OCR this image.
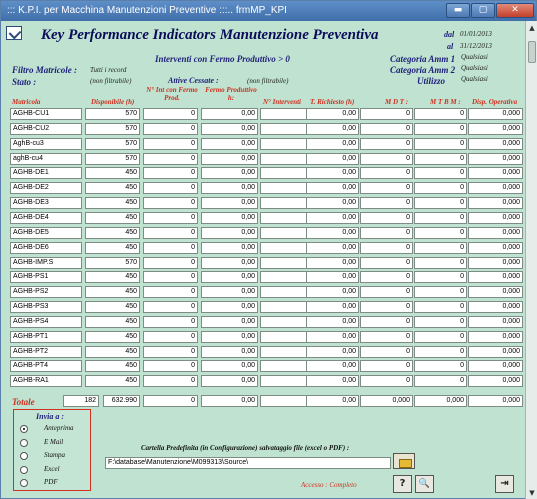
::: K.P.I. per Macchina Manutenzioni Preventive :::.. frmMP_KPI	▬	▢	✕
Key Performance Indicators Manutenzione Preventiva
Interventi con Fermo Produttivo > 0
dal 01/01/2013
al 31/12/2013
Filtro Matricole : Tutti i record
Stato :	(non filtrabile)	Attive Cessate :	(non filtrabile)
Categoria Amm 1 Qualsiasi
Categoria Amm 2 Qualsiasi
Utilizzo Qualsiasi
Matricola	Disponibile (h)
N° Int con Fermo Prod.
Fermo Produttivo h:	N° Interventi T. Richiesto (h)	M D T :	M T B M : Disp. Operativa
AGHB-CU1	570	0	0,00	0,00	0	0	0,000
AGHB-CU2	570	0	0,00	0,00	0	0	0,000
AghB-cu3	570	0	0,00	0,00	0	0	0,000
aghB-cu4	570	0	0,00	0,00	0	0	0,000
AGHB-DE1	450	0	0,00	0,00	0	0	0,000
AGHB-DE2	450	0	0,00	0,00	0	0	0,000
AGHB-DE3	450	0	0,00	0,00	0	0	0,000
AGHB-DE4	450	0	0,00	0,00	0	0	0,000
AGHB-DE5	450	0	0,00	0,00	0	0	0,000
AGHB-DE6	450	0	0,00	0,00	0	0	0,000
AGHB-IMP.S	570	0	0,00	0,00	0	0	0,000
AGHB-PS1	450	0	0,00	0,00	0	0	0,000
AGHB-PS2	450	0	0,00	0,00	0	0	0,000
AGHB-PS3	450	0	0,00	0,00	0	0	0,000
AGHB-PS4	450	0	0,00	0,00	0	0	0,000
AGHB-PT1	450	0	0,00	0,00	0	0	0,000
AGHB-PT2	450	0	0,00	0,00	0	0	0,000
AGHB-PT4	450	0	0,00	0,00	0	0	0,000
AGHB-RA1	450	0	0,00	0,00	0	0	0,000
▲
▼
Totale	182	632.990	0	0,00	0,00	0,000	0,000	0,000
Invia a :
Anteprima
E Mail
Stampa
Excel
PDF
Cartella Predefinita (in Configurazione) salvataggio file (excel o PDF) :
F:\database\Manutenzione\M099313\Source\
Accesso : Completo	?	🔍	⇥
